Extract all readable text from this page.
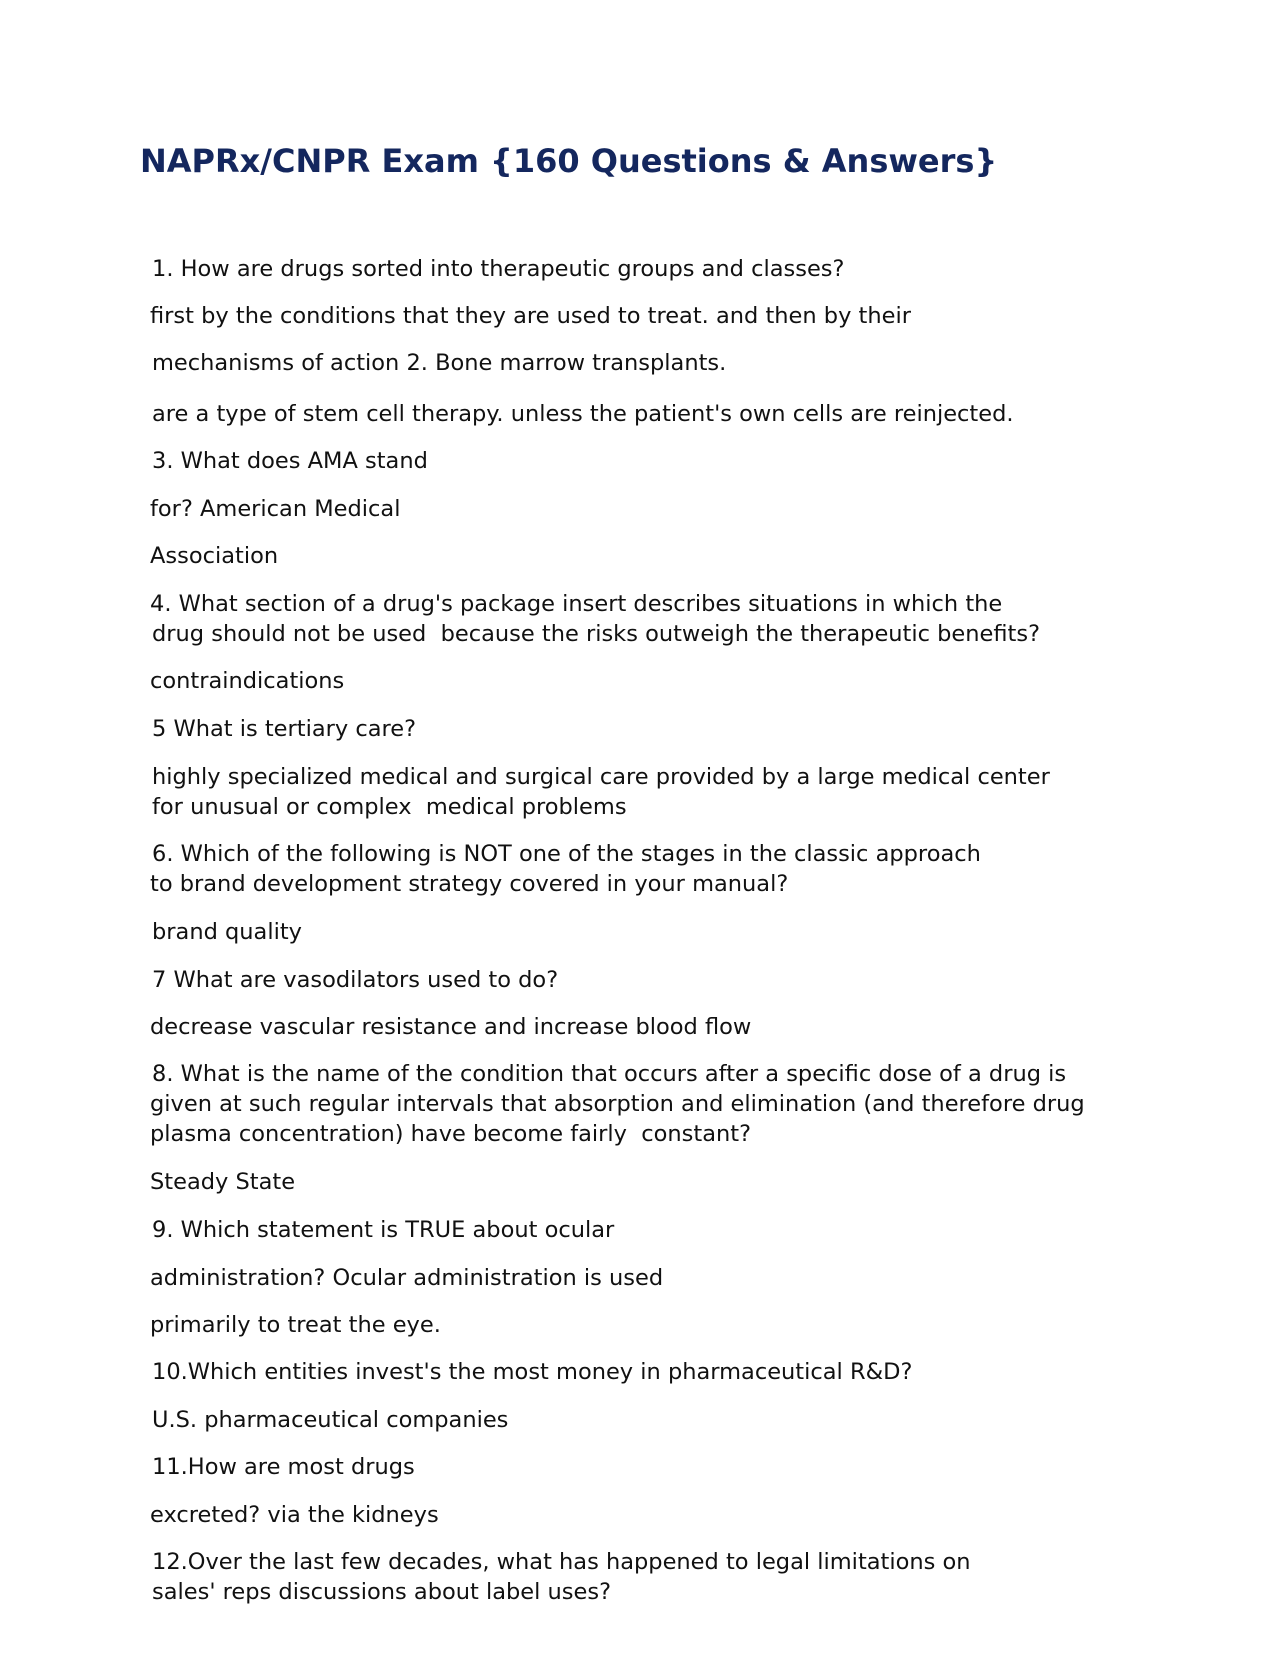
NAPRx/CNPR Exam {160 Questions & Answers}

1. How are drugs sorted into therapeutic groups and classes?

first by the conditions that they are used to treat. and then by their

mechanisms of action 2. Bone marrow transplants.

are a type of stem cell therapy. unless the patient's own cells are reinjected.

3. What does AMA stand

for? American Medical

Association

4. What section of a drug's package insert describes situations in which the

drug should not be used  because the risks outweigh the therapeutic benefits?

contraindications

5 What is tertiary care?

highly specialized medical and surgical care provided by a large medical center

for unusual or complex  medical problems

6. Which of the following is NOT one of the stages in the classic approach

to brand development strategy covered in your manual?

brand quality

7 What are vasodilators used to do?

decrease vascular resistance and increase blood flow

8. What is the name of the condition that occurs after a specific dose of a drug is

given at such regular intervals that absorption and elimination (and therefore drug

plasma concentration) have become fairly  constant?

Steady State

9. Which statement is TRUE about ocular

administration? Ocular administration is used

primarily to treat the eye.

10.Which entities invest's the most money in pharmaceutical R&D?

U.S. pharmaceutical companies

11.How are most drugs

excreted? via the kidneys

12.Over the last few decades, what has happened to legal limitations on

sales' reps discussions about label uses?
